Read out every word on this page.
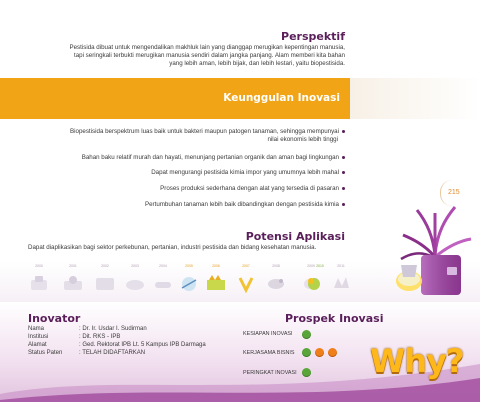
Perspektif
Pestisida dibuat untuk mengendalikan makhluk lain yang dianggap merugikan kepentingan manusia,
tapi seringkali terbukti merugikan manusia sendiri dalam jangka panjang. Alam memberi kita bahan
yang lebih aman, lebih bijak, dan lebih lestari, yaitu biopestisida.
Keunggulan Inovasi
Biopestisida berspektrum luas baik untuk bakteri maupun patogen tanaman, sehingga mempunyai
nilai ekonomis lebih tinggi
Bahan baku relatif murah dan hayati, menunjang pertanian organik dan aman bagi lingkungan
Dapat mengurangi pestisida kimia impor yang umumnya lebih mahal
Proses produksi sederhana dengan alat yang tersedia di pasaran
Pertumbuhan tanaman lebih baik dibandingkan dengan pestisida kimia
215
Potensi Aplikasi
Dapat diaplikasikan bagi sektor perkebunan, pertanian, industri pestisida dan bidang kesehatan manusia.
2000	2001	2002	2003	2004	2005	2006	2007	2008	2009 2010	2011
Inovator
Nama	: Dr. Ir. Usdar I. Sudirman
Institusi	: Dit. RKS - IPB
Alamat	: Ged. Rektorat IPB Lt. 5 Kampus IPB Darmaga
Status Paten	: TELAH DIDAFTARKAN
Prospek Inovasi
KESIAPAN INOVASI
KERJASAMA BISNIS
PERINGKAT INOVASI Why?
